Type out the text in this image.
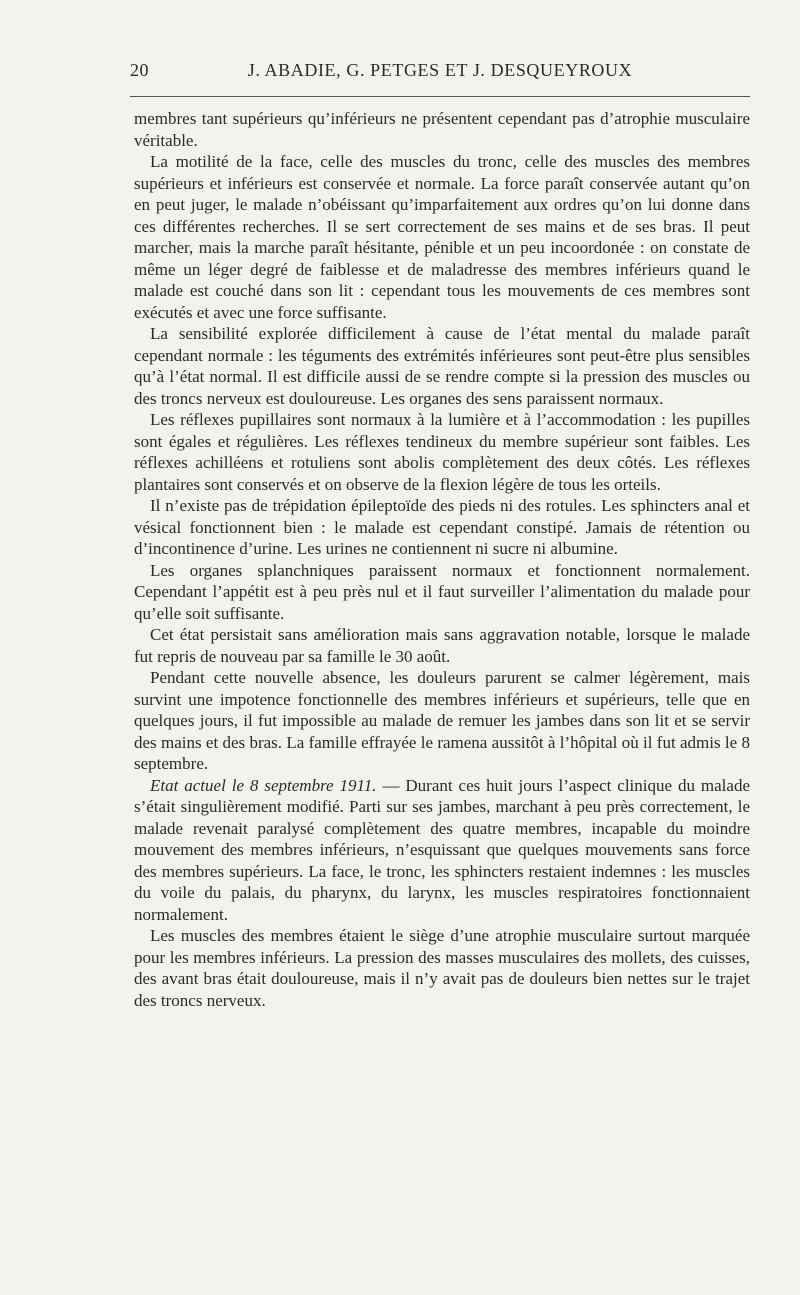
20	J. ABADIE, G. PETGES ET J. DESQUEYROUX

membres tant supérieurs qu’inférieurs ne présentent cependant pas d’atrophie musculaire véritable.

La motilité de la face, celle des muscles du tronc, celle des muscles des membres supérieurs et inférieurs est conservée et normale. La force paraît conservée autant qu’on en peut juger, le malade n’obéissant qu’imparfaitement aux ordres qu’on lui donne dans ces différentes recherches. Il se sert correctement de ses mains et de ses bras. Il peut marcher, mais la marche paraît hésitante, pénible et un peu incoordonée : on constate de même un léger degré de faiblesse et de maladresse des membres inférieurs quand le malade est couché dans son lit : cependant tous les mouvements de ces membres sont exécutés et avec une force suffisante.

La sensibilité explorée difficilement à cause de l’état mental du malade paraît cependant normale : les téguments des extrémités inférieures sont peut-être plus sensibles qu’à l’état normal. Il est difficile aussi de se rendre compte si la pression des muscles ou des troncs nerveux est douloureuse. Les organes des sens paraissent normaux.

Les réflexes pupillaires sont normaux à la lumière et à l’accommodation : les pupilles sont égales et régulières. Les réflexes tendineux du membre supérieur sont faibles. Les réflexes achilléens et rotuliens sont abolis complètement des deux côtés. Les réflexes plantaires sont conservés et on observe de la flexion légère de tous les orteils.

Il n’existe pas de trépidation épileptoïde des pieds ni des rotules. Les sphincters anal et vésical fonctionnent bien : le malade est cependant constipé. Jamais de rétention ou d’incontinence d’urine. Les urines ne contiennent ni sucre ni albumine.

Les organes splanchniques paraissent normaux et fonctionnent normalement. Cependant l’appétit est à peu près nul et il faut surveiller l’alimentation du malade pour qu’elle soit suffisante.

Cet état persistait sans amélioration mais sans aggravation notable, lorsque le malade fut repris de nouveau par sa famille le 30 août.

Pendant cette nouvelle absence, les douleurs parurent se calmer légèrement, mais survint une impotence fonctionnelle des membres inférieurs et supérieurs, telle que en quelques jours, il fut impossible au malade de remuer les jambes dans son lit et se servir des mains et des bras. La famille effrayée le ramena aussitôt à l’hôpital où il fut admis le 8 septembre.

Etat actuel le 8 septembre 1911. — Durant ces huit jours l’aspect clinique du malade s’était singulièrement modifié. Parti sur ses jambes, marchant à peu près correctement, le malade revenait paralysé complètement des quatre membres, incapable du moindre mouvement des membres inférieurs, n’esquissant que quelques mouvements sans force des membres supérieurs. La face, le tronc, les sphincters restaient indemnes : les muscles du voile du palais, du pharynx, du larynx, les muscles respiratoires fonctionnaient normalement.

Les muscles des membres étaient le siège d’une atrophie musculaire surtout marquée pour les membres inférieurs. La pression des masses musculaires des mollets, des cuisses, des avant bras était douloureuse, mais il n’y avait pas de douleurs bien nettes sur le trajet des troncs nerveux.
